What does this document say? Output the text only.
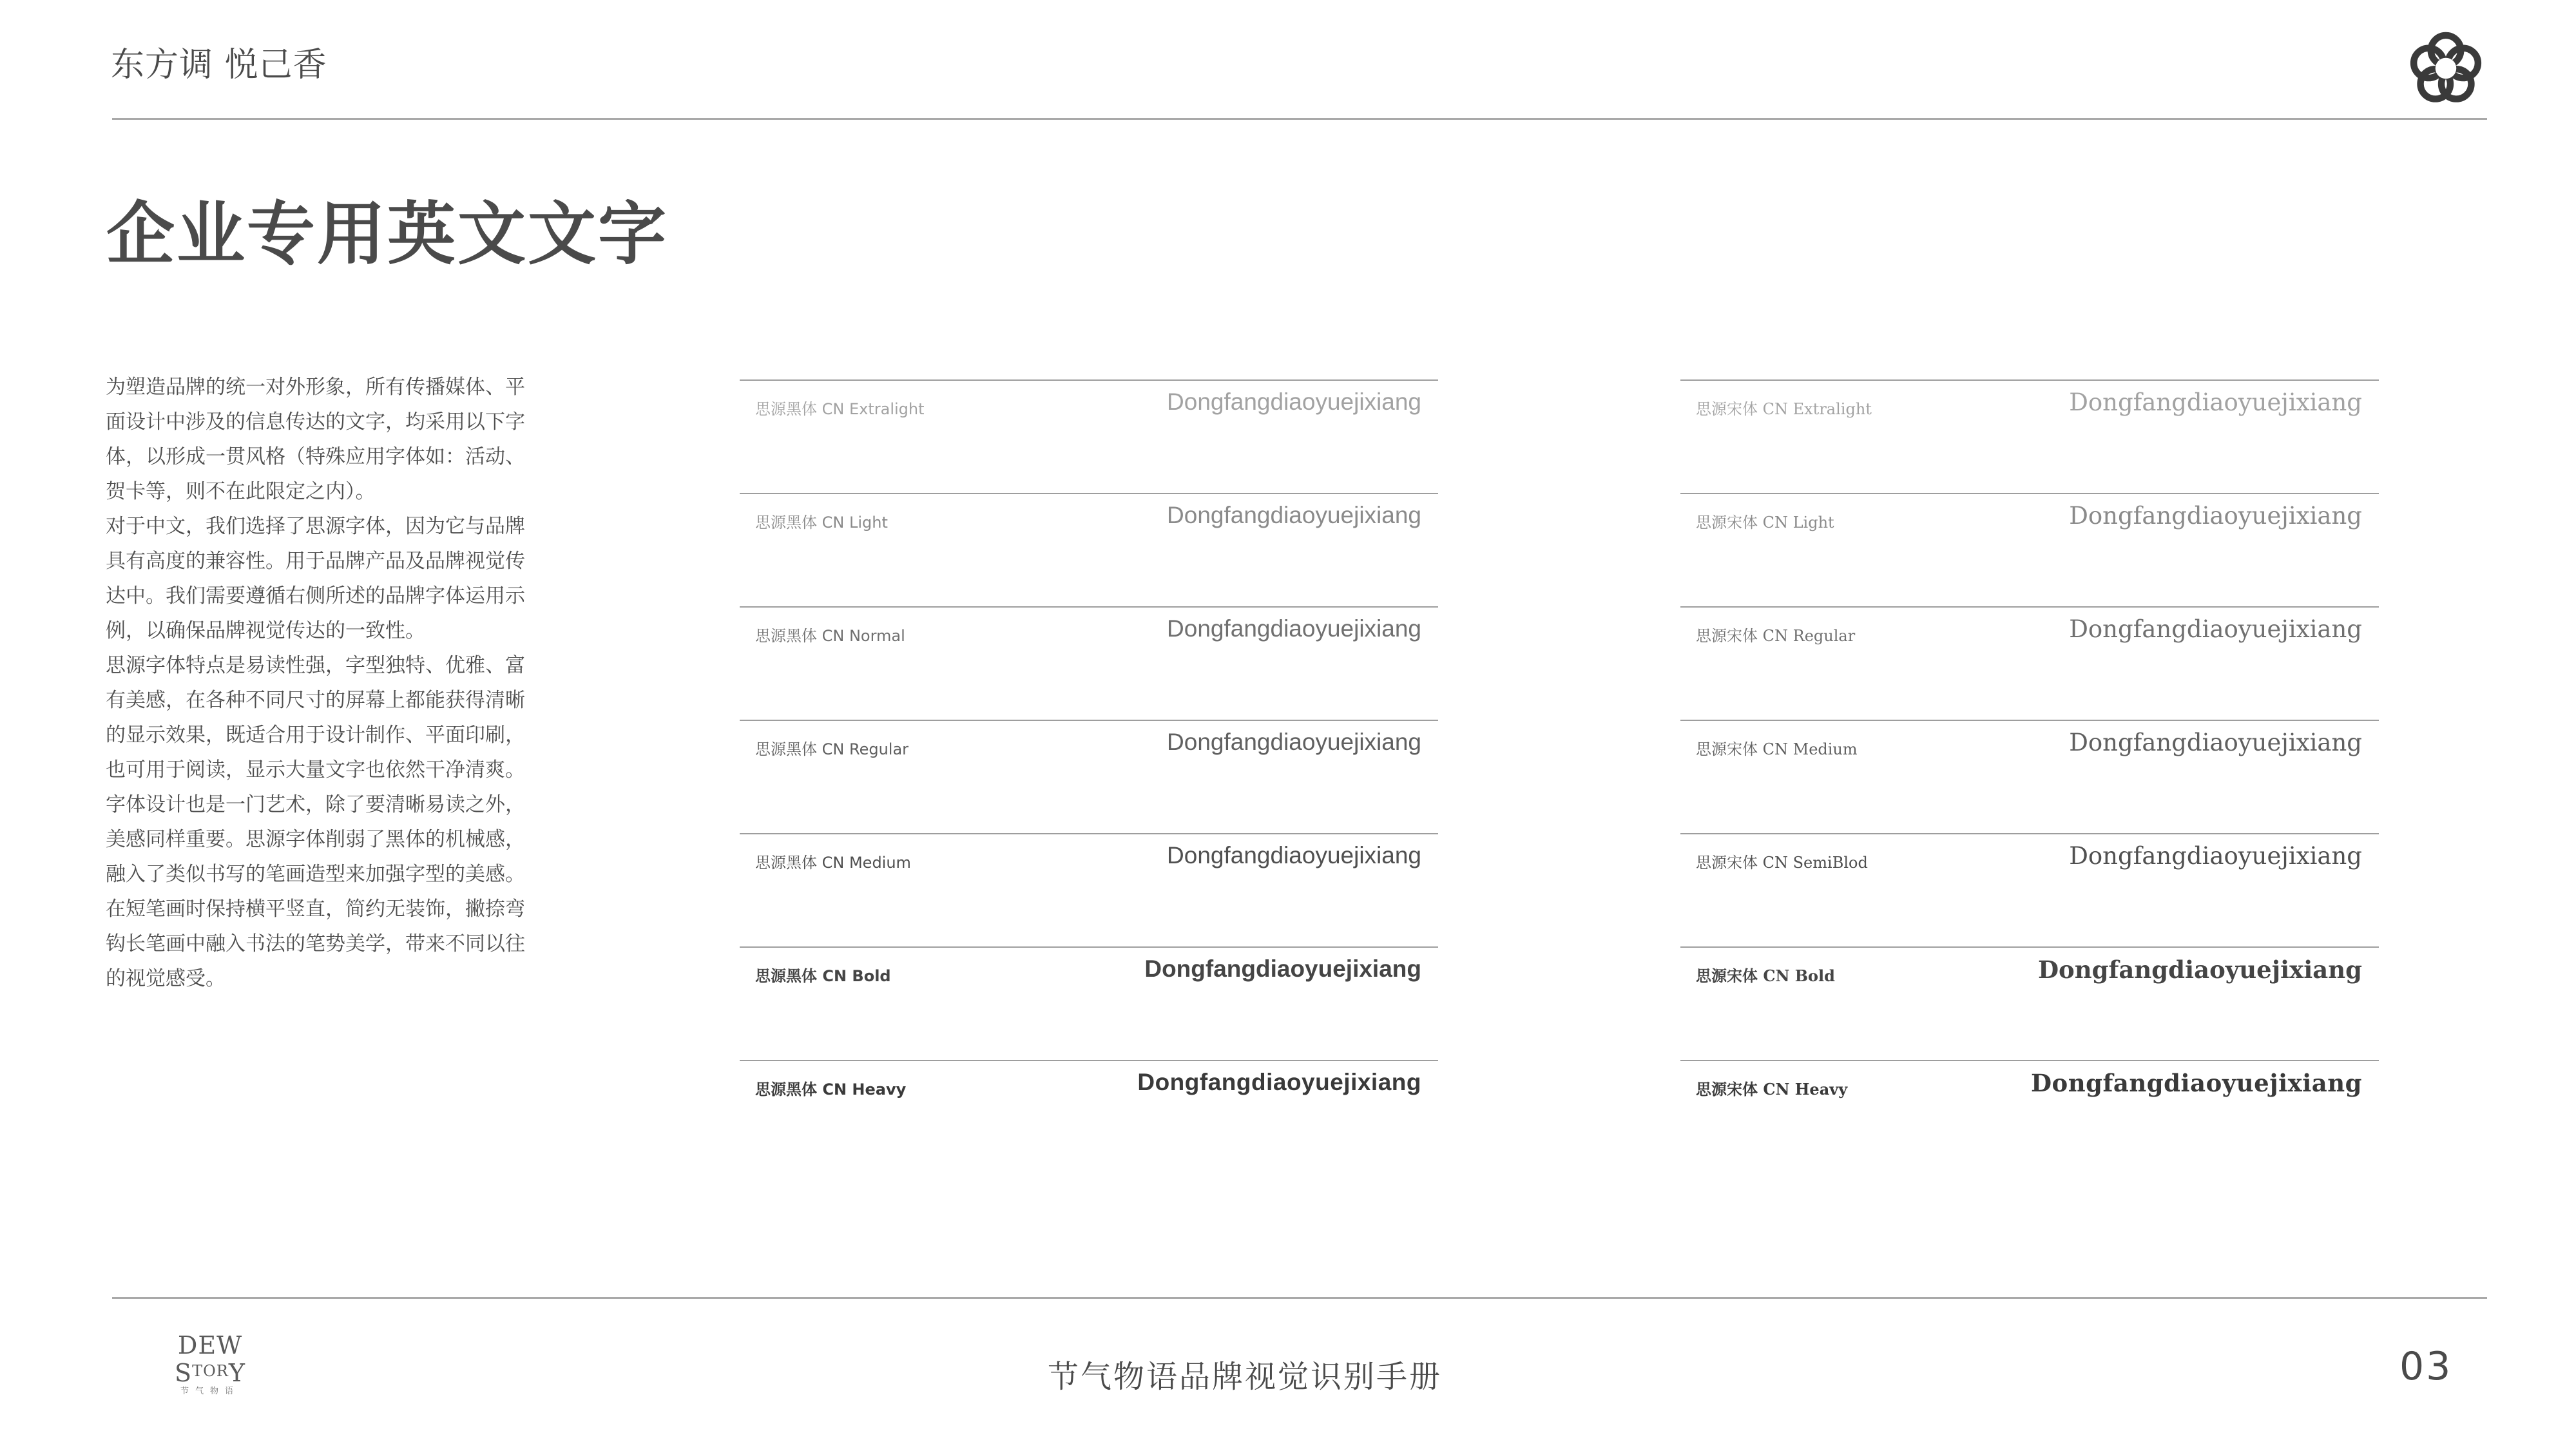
东方调 悦己香
企业专用英文文字

为塑造品牌的统一对外形象，所有传播媒体、平面设计中涉及的信息传达的文字，均采用以下字体，以形成一贯风格（特殊应用字体如：活动、贺卡等，则不在此限定之内）。

对于中文，我们选择了思源字体，因为它与品牌具有高度的兼容性。用于品牌产品及品牌视觉传达中。我们需要遵循右侧所述的品牌字体运用示例，以确保品牌视觉传达的一致性。

思源字体特点是易读性强，字型独特、优雅、富有美感，在各种不同尺寸的屏幕上都能获得清晰的显示效果，既适合用于设计制作、平面印刷，也可用于阅读，显示大量文字也依然干净清爽。字体设计也是一门艺术，除了要清晰易读之外，美感同样重要。思源字体削弱了黑体的机械感，融入了类似书写的笔画造型来加强字型的美感。在短笔画时保持横平竖直，简约无装饰，撇捺弯钩长笔画中融入书法的笔势美学，带来不同以往的视觉感受。

思源黑体 CN Extralight	Dongfangdiaoyuejixiang
思源黑体 CN Light	Dongfangdiaoyuejixiang
思源黑体 CN Normal	Dongfangdiaoyuejixiang
思源黑体 CN Regular	Dongfangdiaoyuejixiang
思源黑体 CN Medium	Dongfangdiaoyuejixiang
思源黑体 CN Bold	Dongfangdiaoyuejixiang
思源黑体 CN Heavy	Dongfangdiaoyuejixiang
思源宋体 CN Extralight	Dongfangdiaoyuejixiang
思源宋体 CN Light	Dongfangdiaoyuejixiang
思源宋体 CN Regular	Dongfangdiaoyuejixiang
思源宋体 CN Medium	Dongfangdiaoyuejixiang
思源宋体 CN SemiBlod	Dongfangdiaoyuejixiang
思源宋体 CN Bold	Dongfangdiaoyuejixiang
思源宋体 CN Heavy	Dongfangdiaoyuejixiang
DEW
$S^{TOR}Y$
节气物语	节气物语品牌视觉识别手册	03
